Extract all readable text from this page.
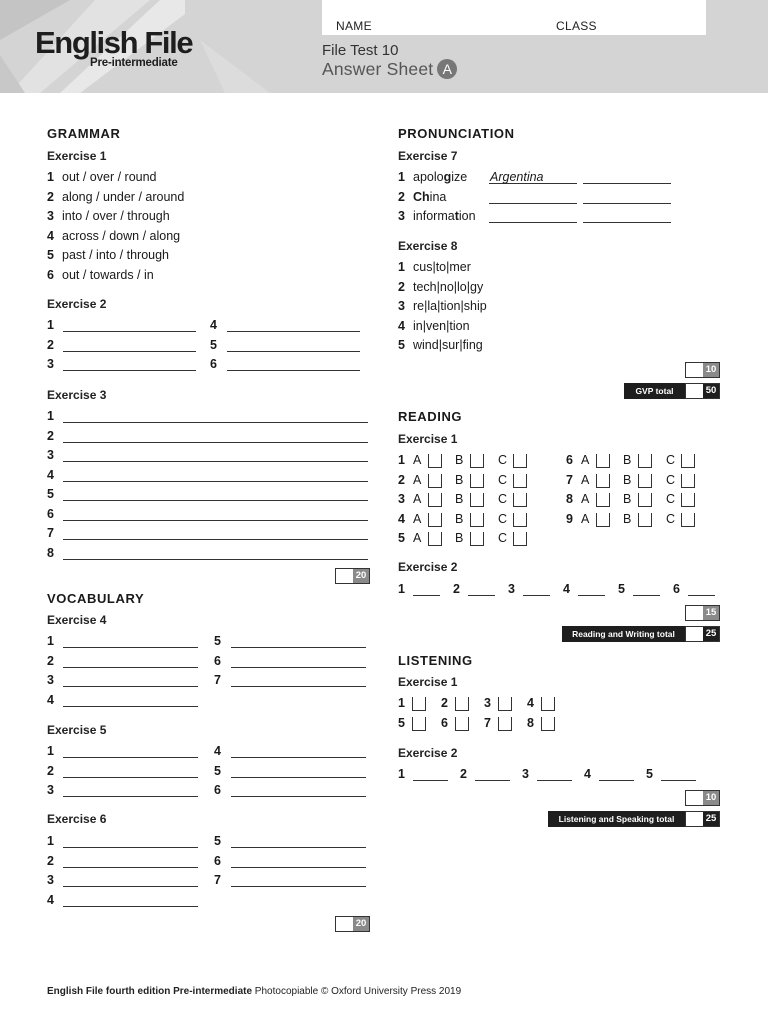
NAME	CLASS
English File
Pre-intermediate
File Test 10
Answer Sheet A
GRAMMAR
Exercise 1
1 out / over / round
2 along / under / around
3 into / over / through
4 across / down / along
5 past / into / through
6 out / towards / in
Exercise 2
1
2
3
4
5
6
Exercise 3
1
2
3
4
5
6
7
8
20
VOCABULARY
Exercise 4
1
2
3
4
5
6
7
Exercise 5
1
2
3
4
5
6
Exercise 6
1
2
3
4
5
6
7
20
PRONUNCIATION
Exercise 7
1 apologize Argentina
2 China
3 information
Exercise 8
1 cus|to|mer
2 tech|no|lo|gy
3 re|la|tion|ship
4 in|ven|tion
5 wind|sur|fing
10
GVP total	50
READING
Exercise 1
1 A	B	C
2 A	B	C
3 A	B	C
4 A	B	C
5 A	B	C
6 A	B	C
7 A	B	C
8 A	B	C
9 A	B	C
Exercise 2
1	2	3	4	5	6
15
Reading and Writing total	25
LISTENING
Exercise 1
1	2	3	4
5	6	7	8
Exercise 2
1	2	3	4	5
10
Listening and Speaking total	25
English File fourth edition Pre-intermediate Photocopiable © Oxford University Press 2019
